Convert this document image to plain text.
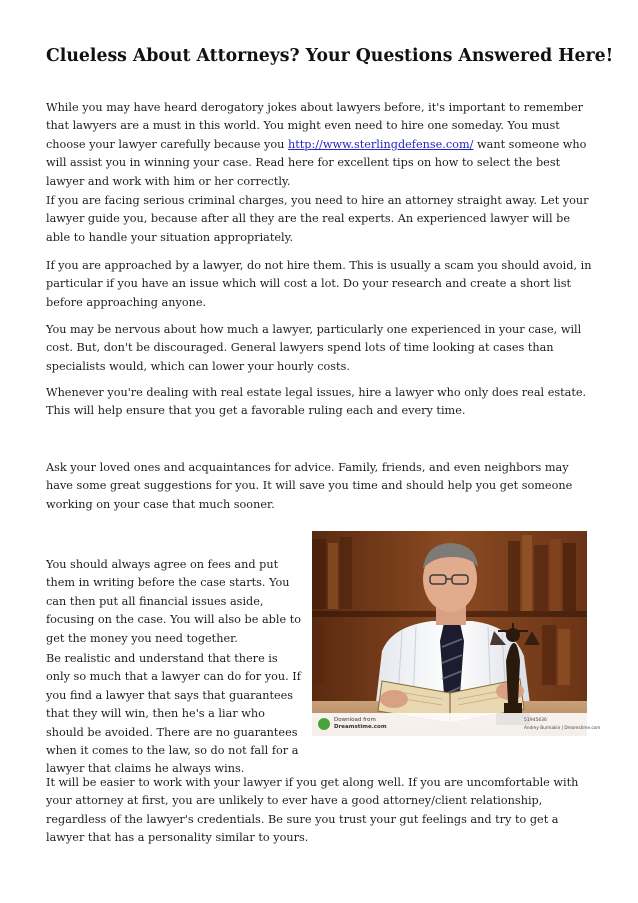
Clueless About Attorneys? Your Questions Answered Here!

While you may have heard derogatory jokes about lawyers before, it's important to remember that lawyers are a must in this world. You might even need to hire one someday. You must choose your lawyer carefully because you http://www.sterlingdefense.com/ want someone who will assist you in winning your case. Read here for excellent tips on how to select the best lawyer and work with him or her correctly.

If you are facing serious criminal charges, you need to hire an attorney straight away. Let your lawyer guide you, because after all they are the real experts. An experienced lawyer will be able to handle your situation appropriately.

If you are approached by a lawyer, do not hire them. This is usually a scam you should avoid, in particular if you have an issue which will cost a lot. Do your research and create a short list before approaching anyone.

You may be nervous about how much a lawyer, particularly one experienced in your case, will cost. But, don't be discouraged. General lawyers spend lots of time looking at cases than specialists would, which can lower your hourly costs.

Whenever you're dealing with real estate legal issues, hire a lawyer who only does real estate. This will help ensure that you get a favorable ruling each and every time.

Ask your loved ones and acquaintances for advice. Family, friends, and even neighbors may have some great suggestions for you. It will save you time and should help you get someone working on your case that much sooner.

You should always agree on fees and put them in writing before the case starts. You can then put all financial issues aside, focusing on the case. You will also be able to get the money you need together.

Be realistic and understand that there is only so much that a lawyer can do for you. If you find a lawyer that says that guarantees that they will win, then he's a liar who should be avoided. There are no guarantees when it comes to the law, so do not fall for a lawyer that claims he always wins.

It will be easier to work with your lawyer if you get along well. If you are uncomfortable with your attorney at first, you are unlikely to ever have a good attorney/client relationship, regardless of the lawyer's credentials. Be sure you trust your gut feelings and try to get a lawyer that has a personality similar to yours.

Download from
Dreamstime.com
51945636
Andrey Burmakin | Dreamstime.com
